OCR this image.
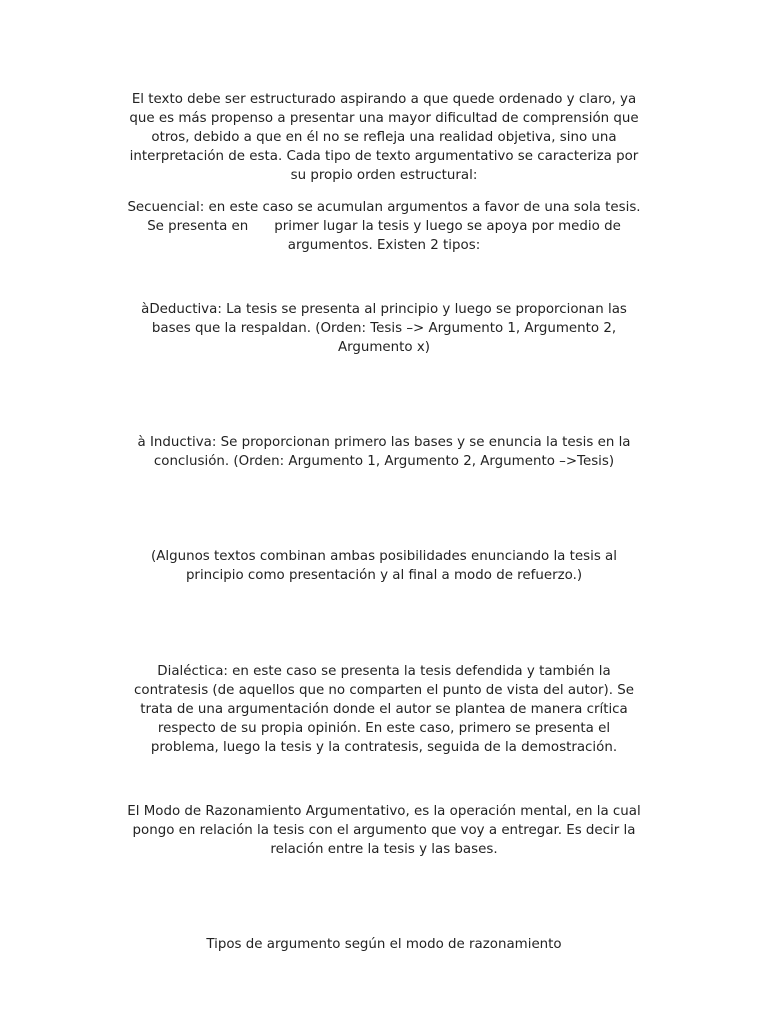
El texto debe ser estructurado aspirando a que quede ordenado y claro, ya
que es más propenso a presentar una mayor dificultad de comprensión que
otros, debido a que en él no se refleja una realidad objetiva, sino una
interpretación de esta. Cada tipo de texto argumentativo se caracteriza por
su propio orden estructural:
Secuencial: en este caso se acumulan argumentos a favor de una sola tesis.
Se presenta en primer lugar la tesis y luego se apoya por medio de
argumentos. Existen 2 tipos:
àDeductiva: La tesis se presenta al principio y luego se proporcionan las
bases que la respaldan. (Orden: Tesis –> Argumento 1, Argumento 2,
Argumento x)
à Inductiva: Se proporcionan primero las bases y se enuncia la tesis en la
conclusión. (Orden: Argumento 1, Argumento 2, Argumento –>Tesis)
(Algunos textos combinan ambas posibilidades enunciando la tesis al
principio como presentación y al final a modo de refuerzo.)
Dialéctica: en este caso se presenta la tesis defendida y también la
contratesis (de aquellos que no comparten el punto de vista del autor). Se
trata de una argumentación donde el autor se plantea de manera crítica
respecto de su propia opinión. En este caso, primero se presenta el
problema, luego la tesis y la contratesis, seguida de la demostración.
El Modo de Razonamiento Argumentativo, es la operación mental, en la cual
pongo en relación la tesis con el argumento que voy a entregar. Es decir la
relación entre la tesis y las bases.
Tipos de argumento según el modo de razonamiento
